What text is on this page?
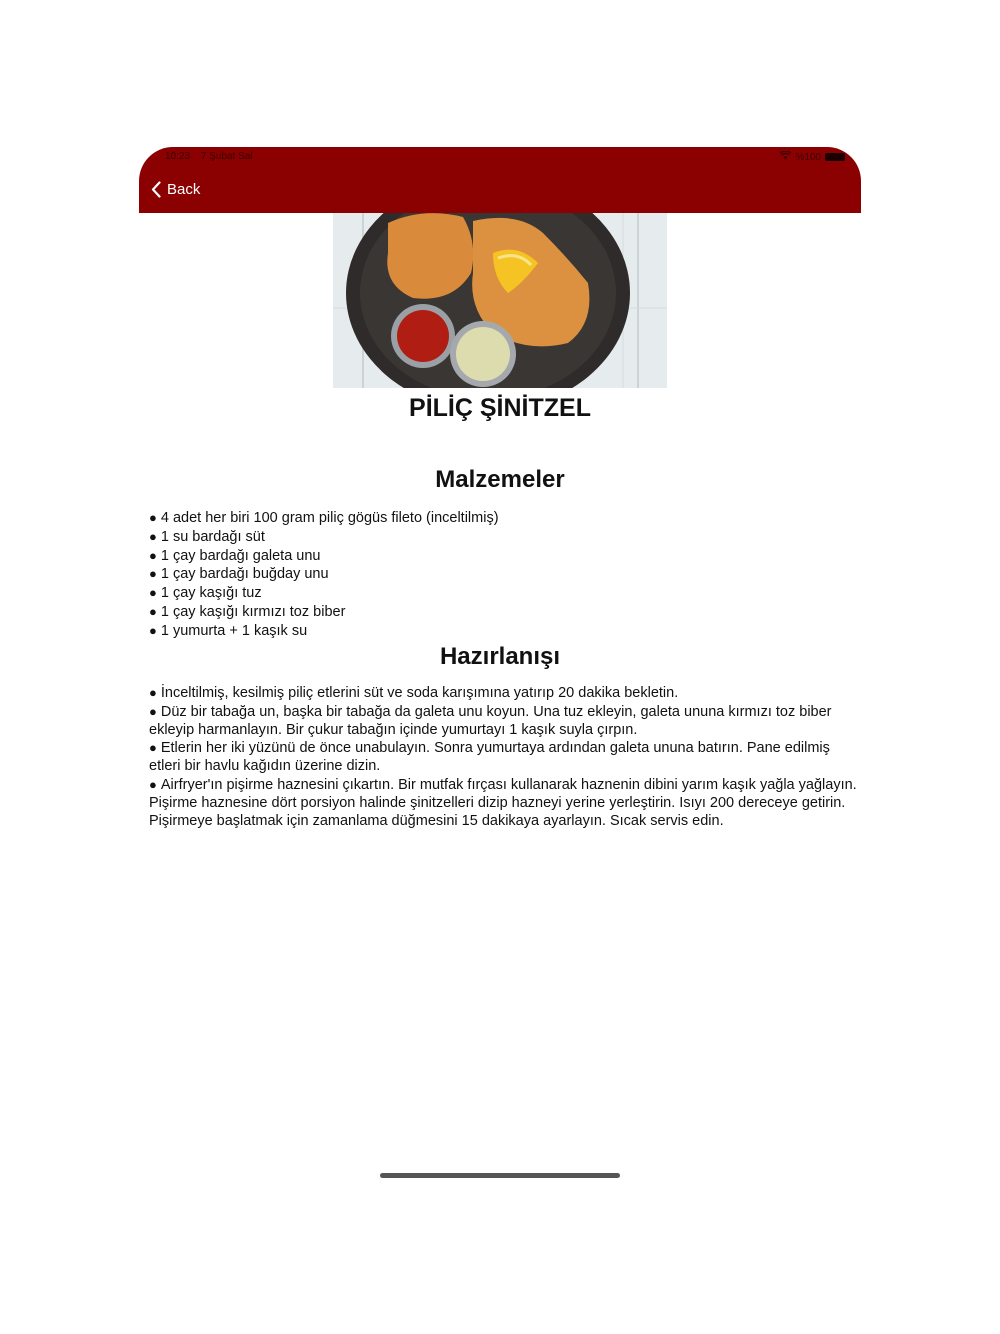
10:23 7 Şubat Sal	%100
Back
PİLİÇ ŞİNİTZEL
Malzemeler
● 4 adet her biri 100 gram piliç gögüs fileto (inceltilmiş)
● 1 su bardağı süt
● 1 çay bardağı galeta unu
● 1 çay bardağı buğday unu
● 1 çay kaşığı tuz
● 1 çay kaşığı kırmızı toz biber
● 1 yumurta + 1 kaşık su
Hazırlanışı
● İnceltilmiş, kesilmiş piliç etlerini süt ve soda karışımına yatırıp 20 dakika bekletin.
● Düz bir tabağa un, başka bir tabağa da galeta unu koyun. Una tuz ekleyin, galeta ununa kırmızı toz biber ekleyip harmanlayın. Bir çukur tabağın içinde yumurtayı 1 kaşık suyla çırpın.
● Etlerin her iki yüzünü de önce unabulayın. Sonra yumurtaya ardından galeta ununa batırın. Pane edilmiş etleri bir havlu kağıdın üzerine dizin.
● Airfryer'ın pişirme haznesini çıkartın. Bir mutfak fırçası kullanarak haznenin dibini yarım kaşık yağla yağlayın. Pişirme haznesine dört porsiyon halinde şinitzelleri dizip hazneyi yerine yerleştirin. Isıyı 200 dereceye getirin. Pişirmeye başlatmak için zamanlama düğmesini 15 dakikaya ayarlayın. Sıcak servis edin.
